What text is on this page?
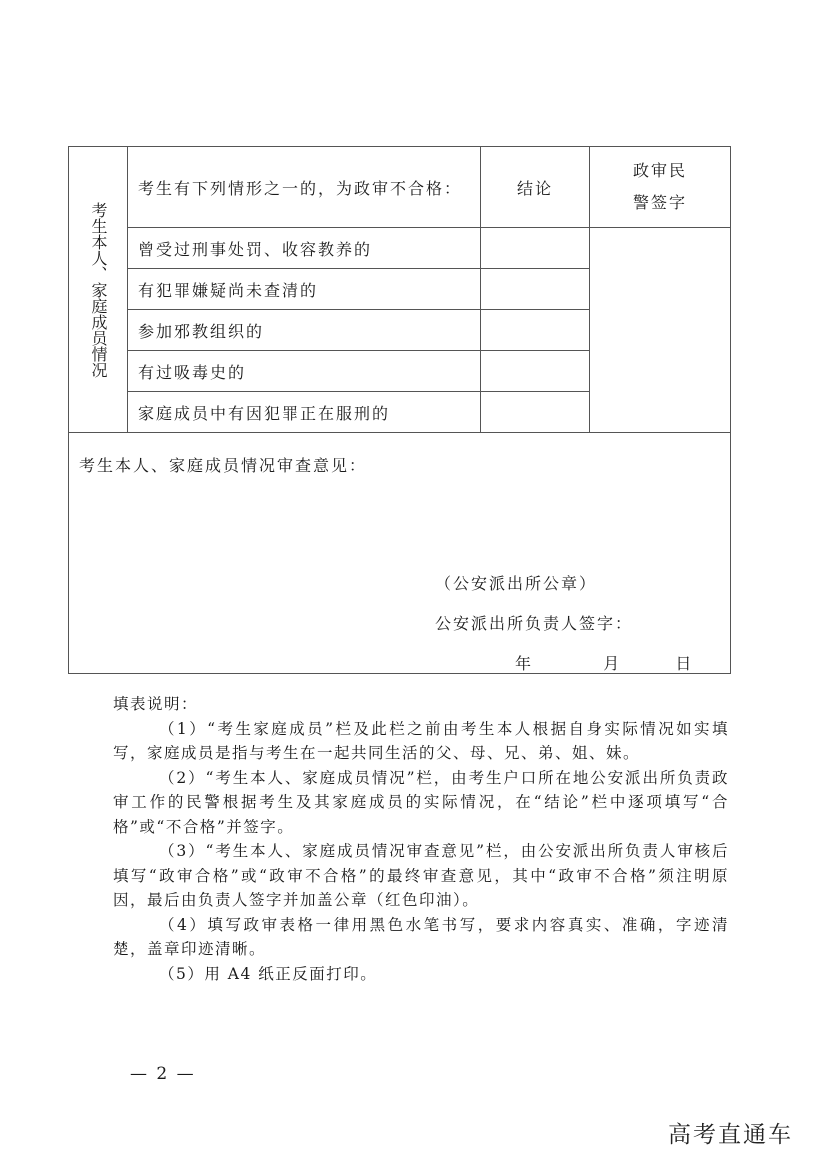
考生本人、家庭成员情况	考生有下列情形之一的，为政审不合格：	结论	政审民
警签字

	曾受过刑事处罚、收容教养的		
	有犯罪嫌疑尚未查清的		
	参加邪教组织的		
	有过吸毒史的		
	家庭成员中有因犯罪正在服刑的		

考生本人、家庭成员情况审查意见：
（公安派出所公章）
公安派出所负责人签字：
年 月 日			

填表说明：

（1）“考生家庭成员”栏及此栏之前由考生本人根据自身实际情况如实填写，家庭成员是指与考生在一起共同生活的父、母、兄、弟、姐、妹。

（2）“考生本人、家庭成员情况”栏，由考生户口所在地公安派出所负责政审工作的民警根据考生及其家庭成员的实际情况，在“结论”栏中逐项填写“合格”或“不合格”并签字。

（3）“考生本人、家庭成员情况审查意见”栏，由公安派出所负责人审核后填写“政审合格”或“政审不合格”的最终审查意见，其中“政审不合格”须注明原因，最后由负责人签字并加盖公章（红色印油）。

（4）填写政审表格一律用黑色水笔书写，要求内容真实、准确，字迹清楚，盖章印迹清晰。

（5）用 A4 纸正反面打印。

— 2 —
高考直通车
